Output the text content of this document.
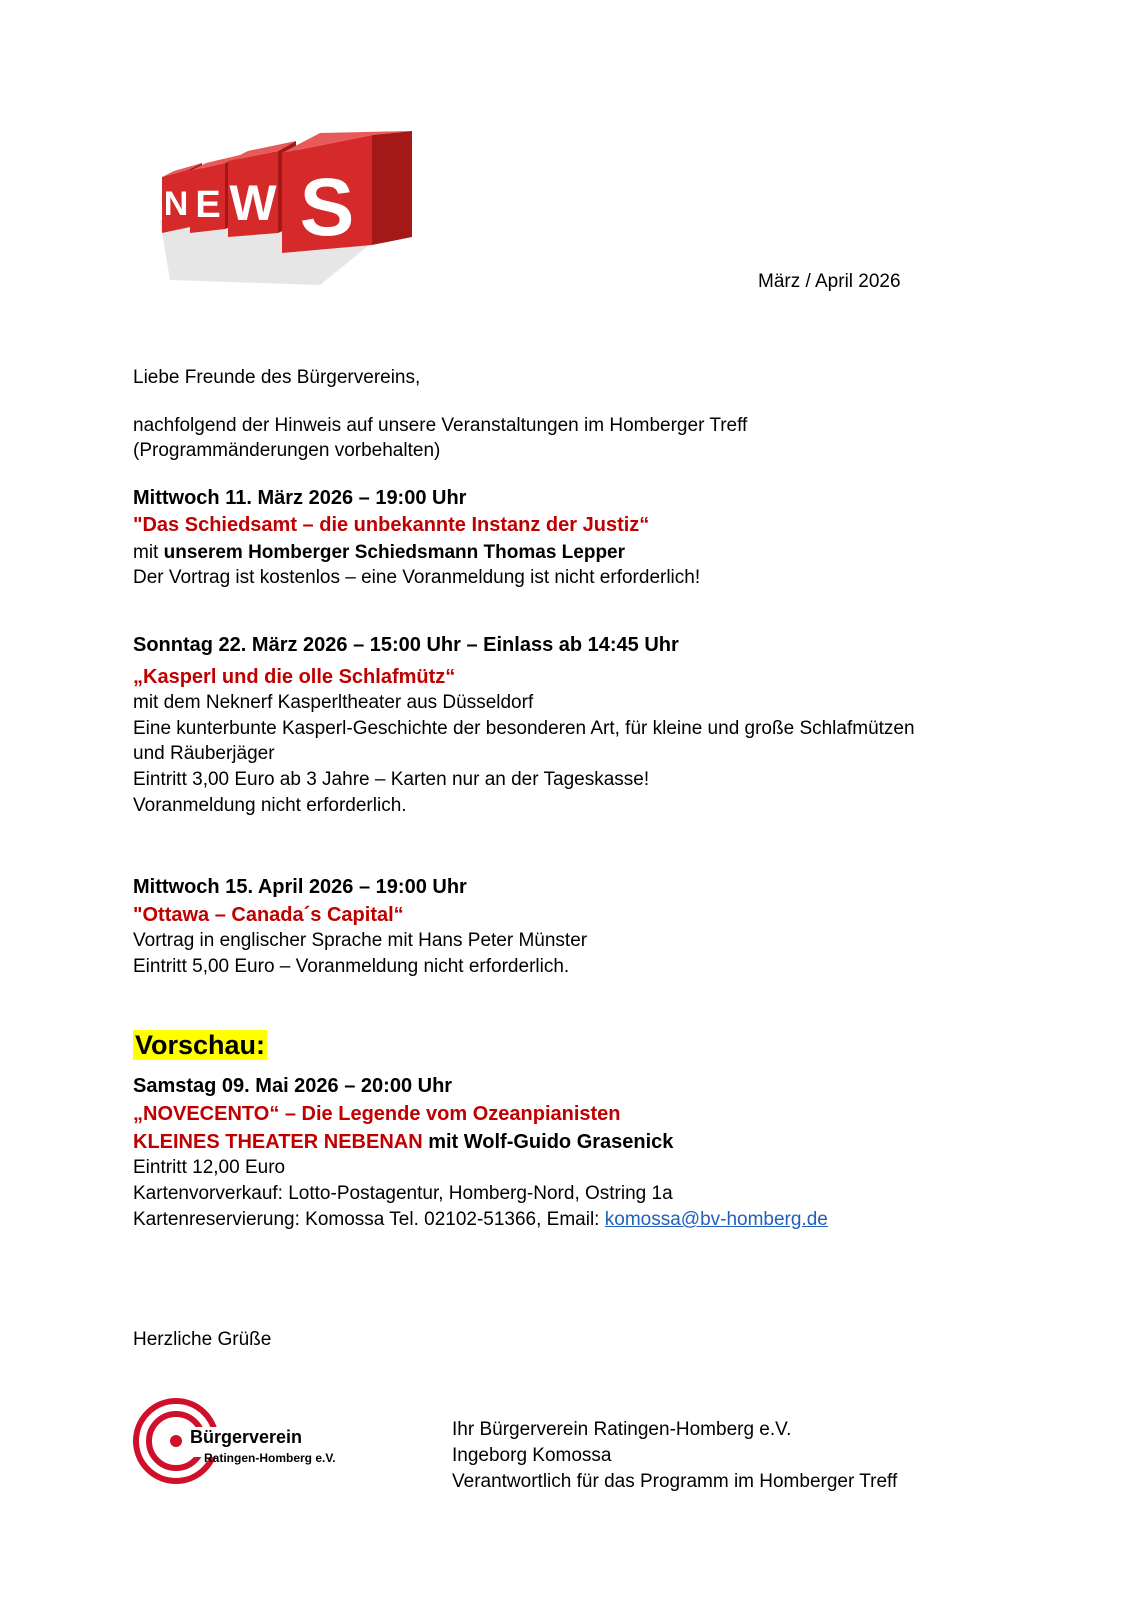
N E W S
März / April 2026
Liebe Freunde des Bürgervereins,
nachfolgend der Hinweis auf unsere Veranstaltungen im Homberger Treff
(Programmänderungen vorbehalten)
Mittwoch 11. März 2026 – 19:00 Uhr
"Das Schiedsamt – die unbekannte Instanz der Justiz“
mit unserem Homberger Schiedsmann Thomas Lepper
Der Vortrag ist kostenlos – eine Voranmeldung ist nicht erforderlich!
Sonntag 22. März 2026 – 15:00 Uhr – Einlass ab 14:45 Uhr
„Kasperl und die olle Schlafmütz“
mit dem Neknerf Kasperltheater aus Düsseldorf
Eine kunterbunte Kasperl-Geschichte der besonderen Art, für kleine und große Schlafmützen
und Räuberjäger
Eintritt 3,00 Euro ab 3 Jahre – Karten nur an der Tageskasse!
Voranmeldung nicht erforderlich.
Mittwoch 15. April 2026 – 19:00 Uhr
"Ottawa – Canada´s Capital“
Vortrag in englischer Sprache mit Hans Peter Münster
Eintritt 5,00 Euro – Voranmeldung nicht erforderlich.
Vorschau:
Samstag 09. Mai 2026 – 20:00 Uhr
„NOVECENTO“ – Die Legende vom Ozeanpianisten
KLEINES THEATER NEBENAN mit Wolf-Guido Grasenick
Eintritt 12,00 Euro
Kartenvorverkauf: Lotto-Postagentur, Homberg-Nord, Ostring 1a
Kartenreservierung: Komossa Tel. 02102-51366, Email: komossa@bv-homberg.de
Herzliche Grüße
Bürgerverein
Ratingen-Homberg e.V.
Ihr Bürgerverein Ratingen-Homberg e.V.
Ingeborg Komossa
Verantwortlich für das Programm im Homberger Treff
